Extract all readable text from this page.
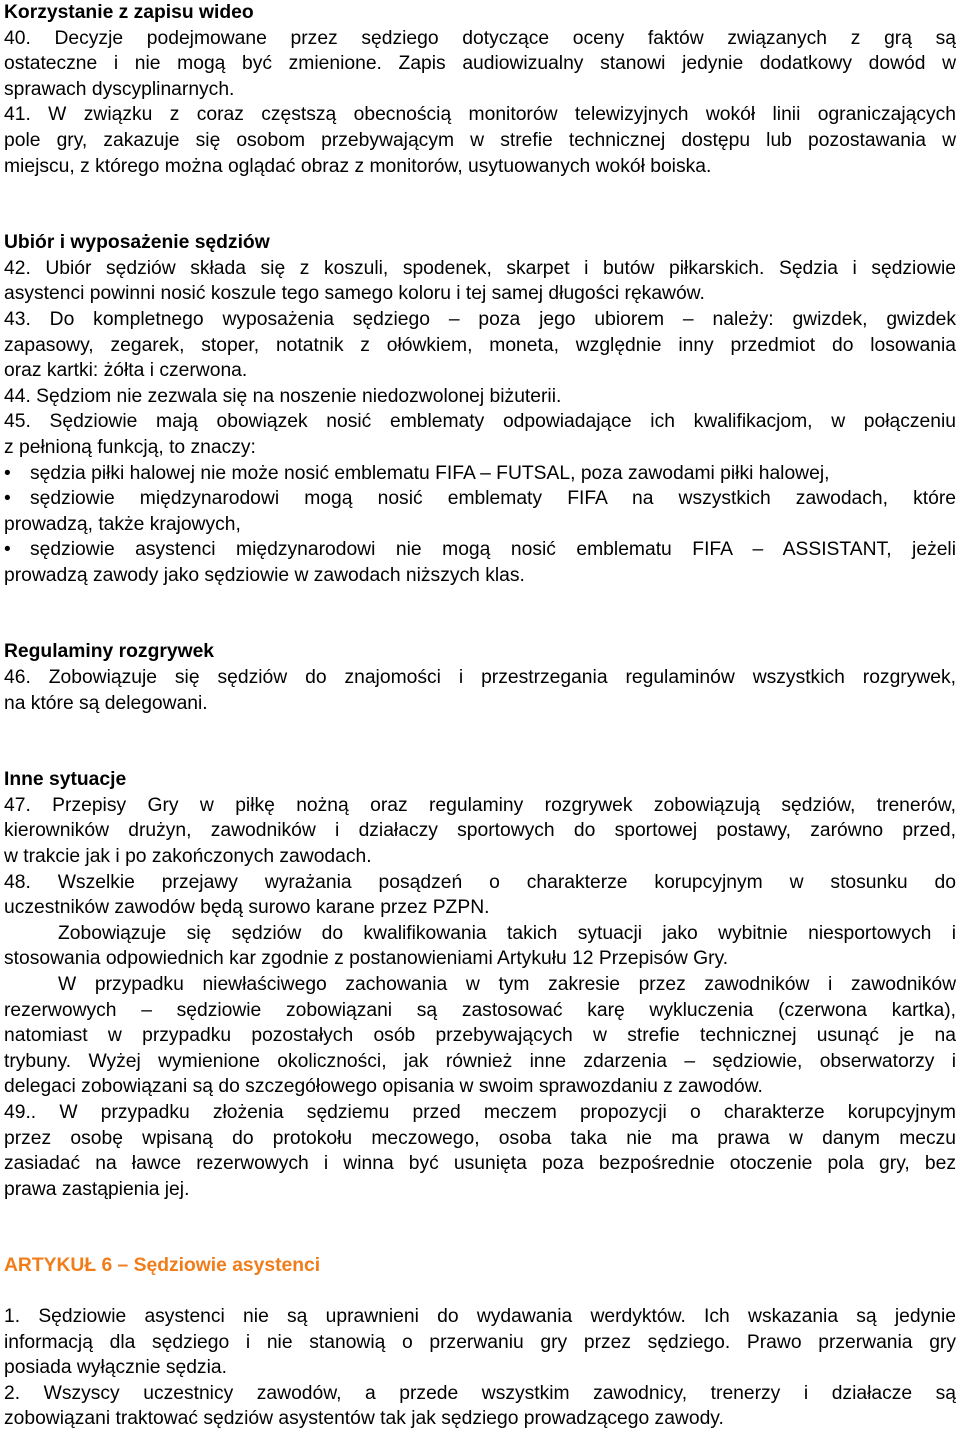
Korzystanie z zapisu wideo
40. Decyzje podejmowane przez sędziego dotyczące oceny faktów związanych z grą są
ostateczne i nie mogą być zmienione. Zapis audiowizualny stanowi jedynie dodatkowy dowód w
sprawach dyscyplinarnych.
41. W związku z coraz częstszą obecnością monitorów telewizyjnych wokół linii ograniczających
pole gry, zakazuje się osobom przebywającym w strefie technicznej dostępu lub pozostawania w
miejscu, z którego można oglądać obraz z monitorów, usytuowanych wokół boiska.
Ubiór i wyposażenie sędziów
42. Ubiór sędziów składa się z koszuli, spodenek, skarpet i butów piłkarskich. Sędzia i sędziowie
asystenci powinni nosić koszule tego samego koloru i tej samej długości rękawów.
43. Do kompletnego wyposażenia sędziego – poza jego ubiorem – należy: gwizdek, gwizdek
zapasowy, zegarek, stoper, notatnik z ołówkiem, moneta, względnie inny przedmiot do losowania
oraz kartki: żółta i czerwona.
44. Sędziom nie zezwala się na noszenie niedozwolonej biżuterii.
45. Sędziowie mają obowiązek nosić emblematy odpowiadające ich kwalifikacjom, w połączeniu
z pełnioną funkcją, to znaczy:
• sędzia piłki halowej nie może nosić emblematu FIFA – FUTSAL, poza zawodami piłki halowej,
• sędziowie międzynarodowi mogą nosić emblematy FIFA na wszystkich zawodach, które
prowadzą, także krajowych,
• sędziowie asystenci międzynarodowi nie mogą nosić emblematu FIFA – ASSISTANT, jeżeli
prowadzą zawody jako sędziowie w zawodach niższych klas.
Regulaminy rozgrywek
46. Zobowiązuje się sędziów do znajomości i przestrzegania regulaminów wszystkich rozgrywek,
na które są delegowani.
Inne sytuacje
47. Przepisy Gry w piłkę nożną oraz regulaminy rozgrywek zobowiązują sędziów, trenerów,
kierowników drużyn, zawodników i działaczy sportowych do sportowej postawy, zarówno przed,
w trakcie jak i po zakończonych zawodach.
48. Wszelkie przejawy wyrażania posądzeń o charakterze korupcyjnym w stosunku do
uczestników zawodów będą surowo karane przez PZPN.
Zobowiązuje się sędziów do kwalifikowania takich sytuacji jako wybitnie niesportowych i
stosowania odpowiednich kar zgodnie z postanowieniami Artykułu 12 Przepisów Gry.
W przypadku niewłaściwego zachowania w tym zakresie przez zawodników i zawodników
rezerwowych – sędziowie zobowiązani są zastosować karę wykluczenia (czerwona kartka),
natomiast w przypadku pozostałych osób przebywających w strefie technicznej usunąć je na
trybuny. Wyżej wymienione okoliczności, jak również inne zdarzenia – sędziowie, obserwatorzy i
delegaci zobowiązani są do szczegółowego opisania w swoim sprawozdaniu z zawodów.
49.. W przypadku złożenia sędziemu przed meczem propozycji o charakterze korupcyjnym
przez osobę wpisaną do protokołu meczowego, osoba taka nie ma prawa w danym meczu
zasiadać na ławce rezerwowych i winna być usunięta poza bezpośrednie otoczenie pola gry, bez
prawa zastąpienia jej.
ARTYKUŁ 6 – Sędziowie asystenci
1. Sędziowie asystenci nie są uprawnieni do wydawania werdyktów. Ich wskazania są jedynie
informacją dla sędziego i nie stanowią o przerwaniu gry przez sędziego. Prawo przerwania gry
posiada wyłącznie sędzia.
2. Wszyscy uczestnicy zawodów, a przede wszystkim zawodnicy, trenerzy i działacze są
zobowiązani traktować sędziów asystentów tak jak sędziego prowadzącego zawody.
